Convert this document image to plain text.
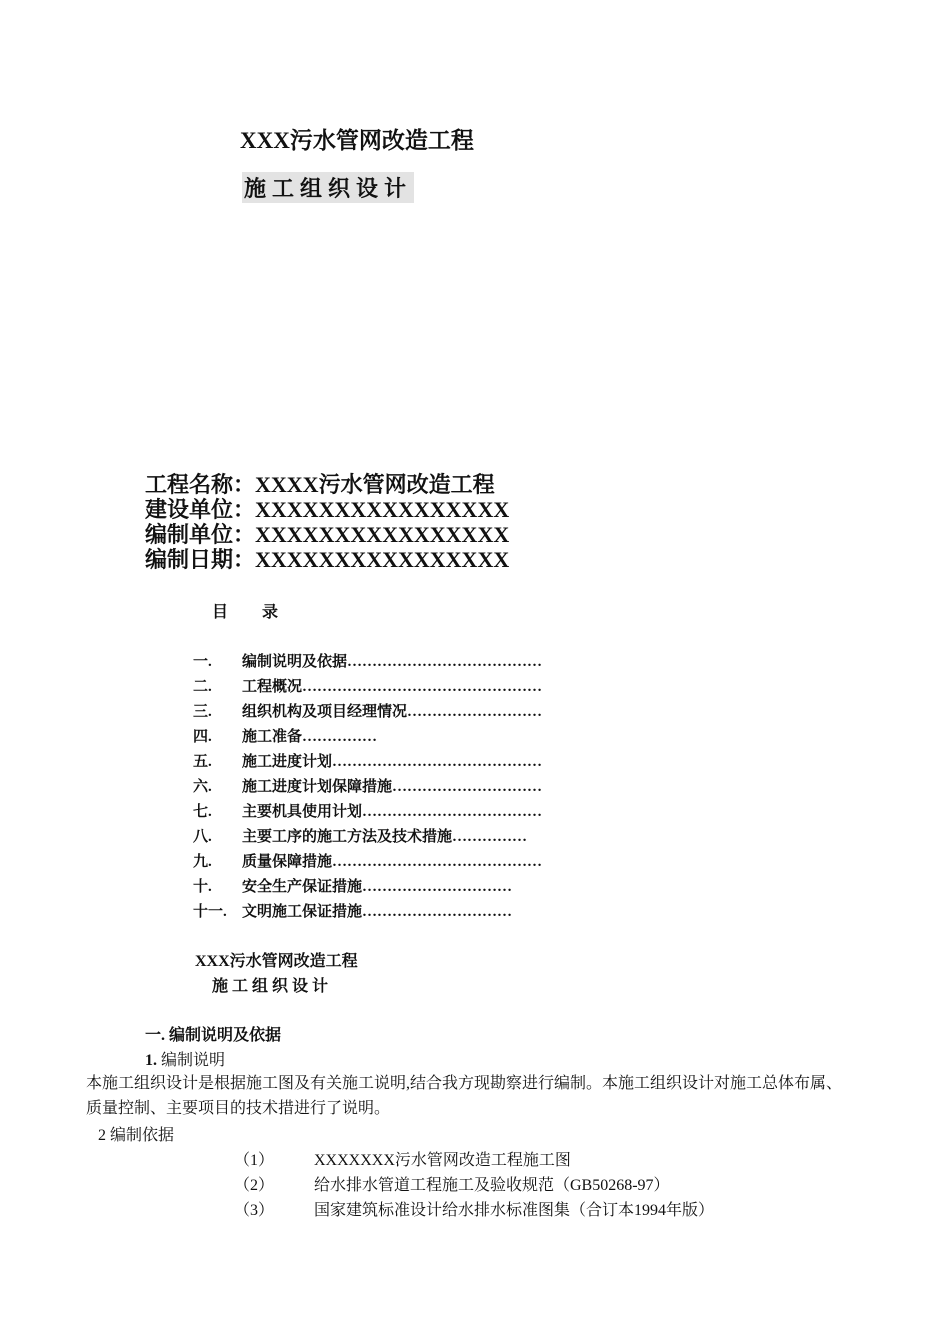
XXX污水管网改造工程
施工组织设计
工程名称：XXXX污水管网改造工程
建设单位：XXXXXXXXXXXXXXXX
编制单位：XXXXXXXXXXXXXXXX
编制日期：XXXXXXXXXXXXXXXX
目 录
一. 编制说明及依据…………………………………
二. 工程概况…………………………………………
三. 组织机构及项目经理情况………………………
四. 施工准备……………
五. 施工进度计划……………………………………
六. 施工进度计划保障措施…………………………
七. 主要机具使用计划………………………………
八. 主要工序的施工方法及技术措施……………
九. 质量保障措施……………………………………
十. 安全生产保证措施…………………………
十一. 文明施工保证措施…………………………
XXX污水管网改造工程
施工组织设计
一. 编制说明及依据
1. 编制说明
本施工组织设计是根据施工图及有关施工说明,结合我方现勘察进行编制。本施工组织设计对施工总体布属、质量控制、主要项目的技术措进行了说明。
2 编制依据
（1） XXXXXXX污水管网改造工程施工图
（2） 给水排水管道工程施工及验收规范（GB50268-97）
（3） 国家建筑标准设计给水排水标准图集（合订本1994年版）
